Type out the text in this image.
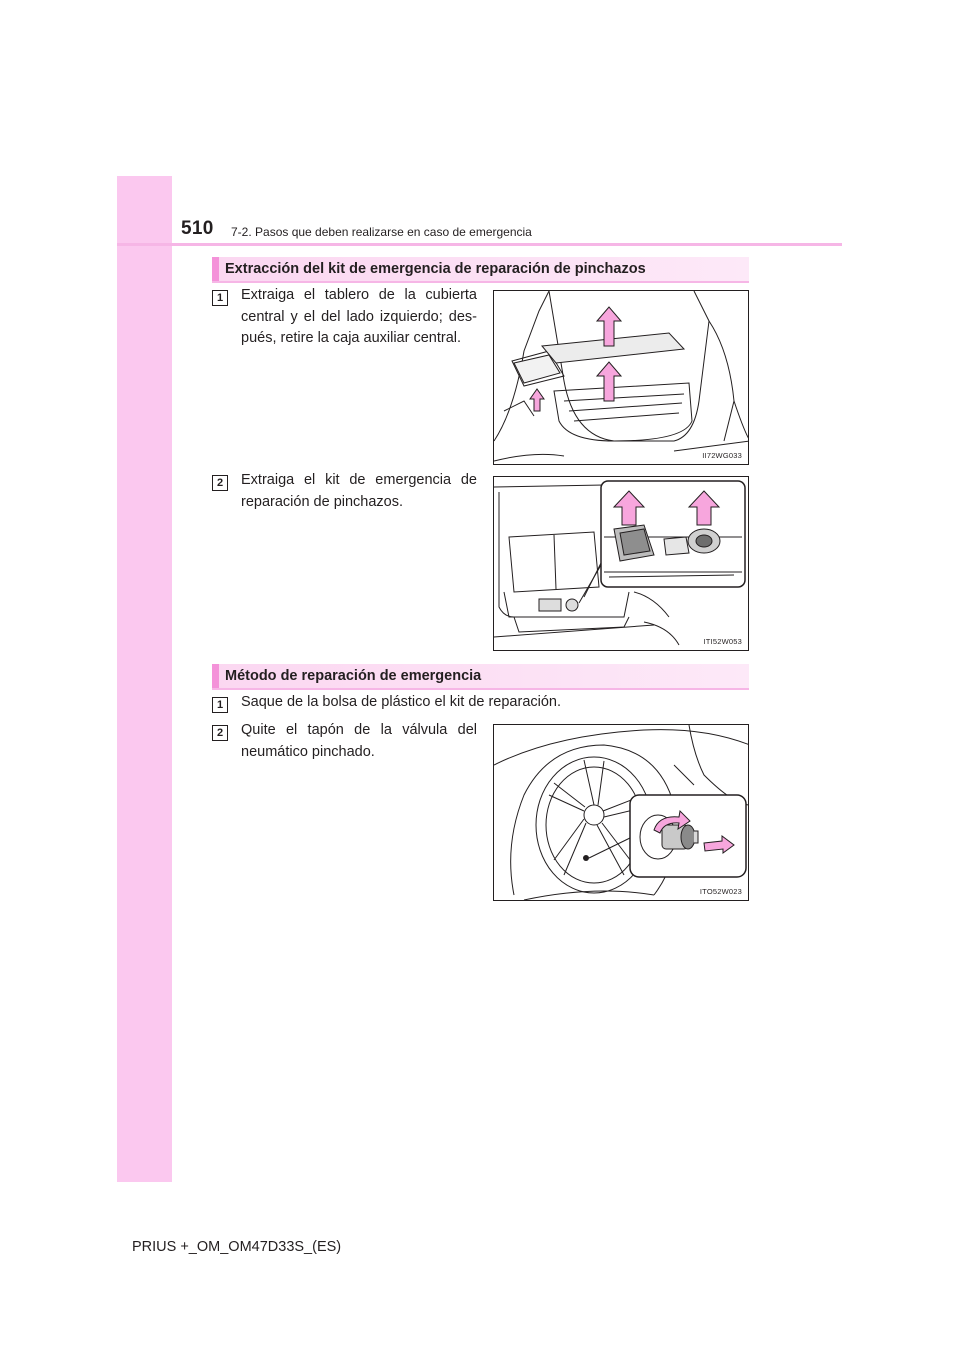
510 7-2. Pasos que deben realizarse en caso de emergencia
Extracción del kit de emergencia de reparación de pinchazos
1	Extraiga el tablero de la cubierta central y el del lado izquierdo; des-pués, retire la caja auxiliar central.
II72WG033
2	Extraiga el kit de emergencia de reparación de pinchazos.
ITI52W053
Método de reparación de emergencia
1	Saque de la bolsa de plástico el kit de reparación.
2	Quite el tapón de la válvula del neumático pinchado.
ITO52W023
PRIUS +_OM_OM47D33S_(ES)
